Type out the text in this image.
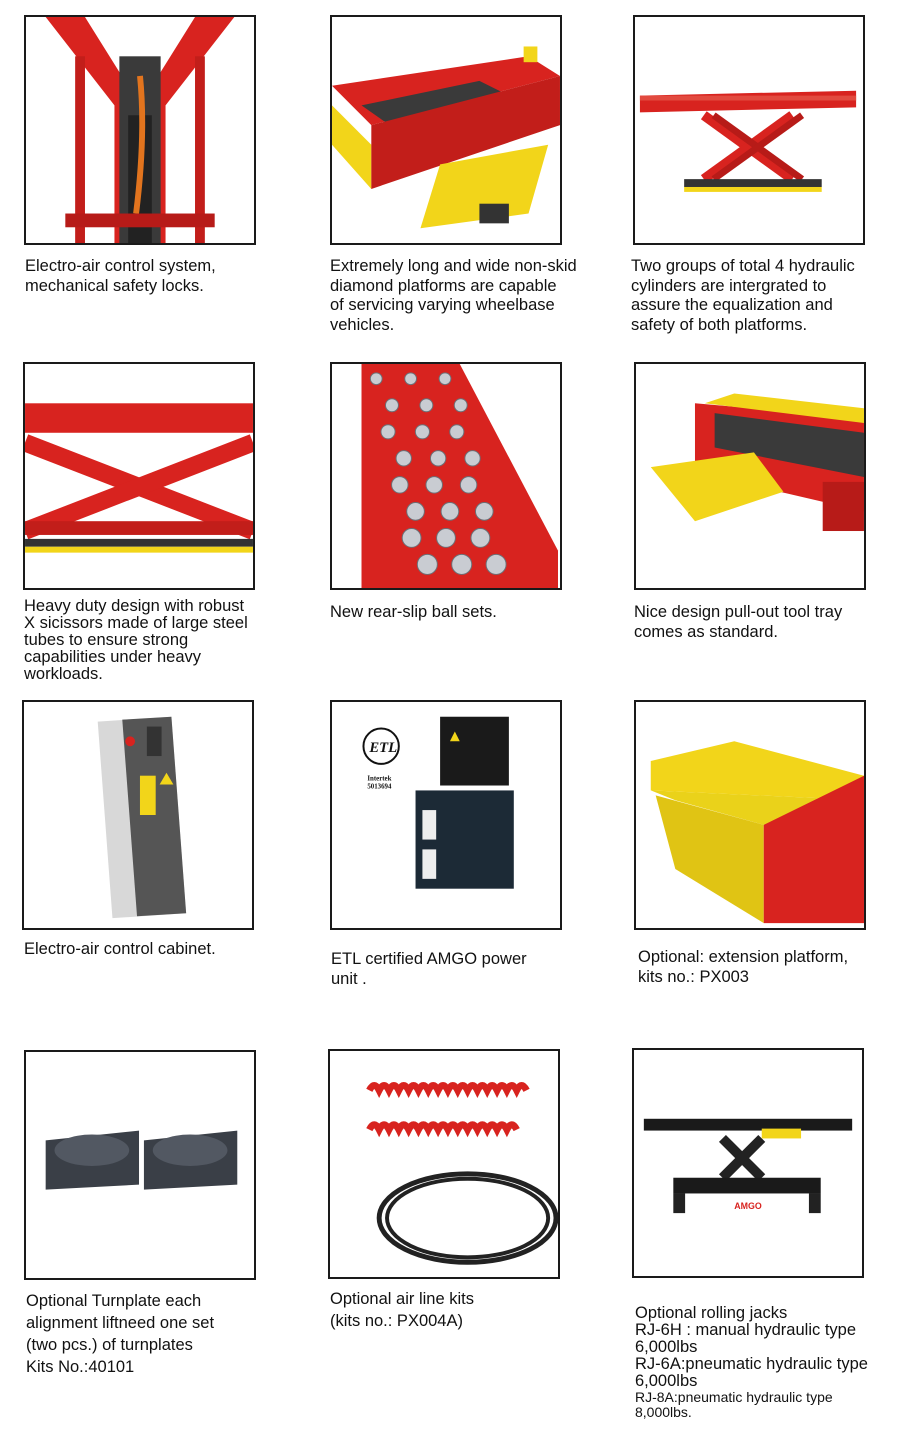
Electro-air control system,
mechanical safety locks.
Extremely long and wide non-skid
diamond platforms are capable
of servicing varying wheelbase
vehicles.
Two groups of total 4 hydraulic
cylinders are intergrated to
assure the equalization and
safety of both platforms.
AMGO
Heavy duty design with robust
X sicissors made of large steel
tubes to ensure strong
capabilities under heavy
workloads.
New rear-slip ball sets.	Nice design pull-out tool tray
comes as standard.
Electro-air control cabinet.
ETL
Intertek
5013694
ETL certified AMGO power
unit .
Optional: extension platform,
kits no.: PX003
Optional Turnplate each
alignment liftneed one set
(two pcs.) of turnplates
Kits No.:40101
Optional air line kits
(kits no.: PX004A)
AMGO

Optional rolling jacks
RJ-6H : manual hydraulic type
6,000lbs
RJ-6A:pneumatic hydraulic type
6,000lbs

RJ-8A:pneumatic hydraulic type
8,000lbs.
